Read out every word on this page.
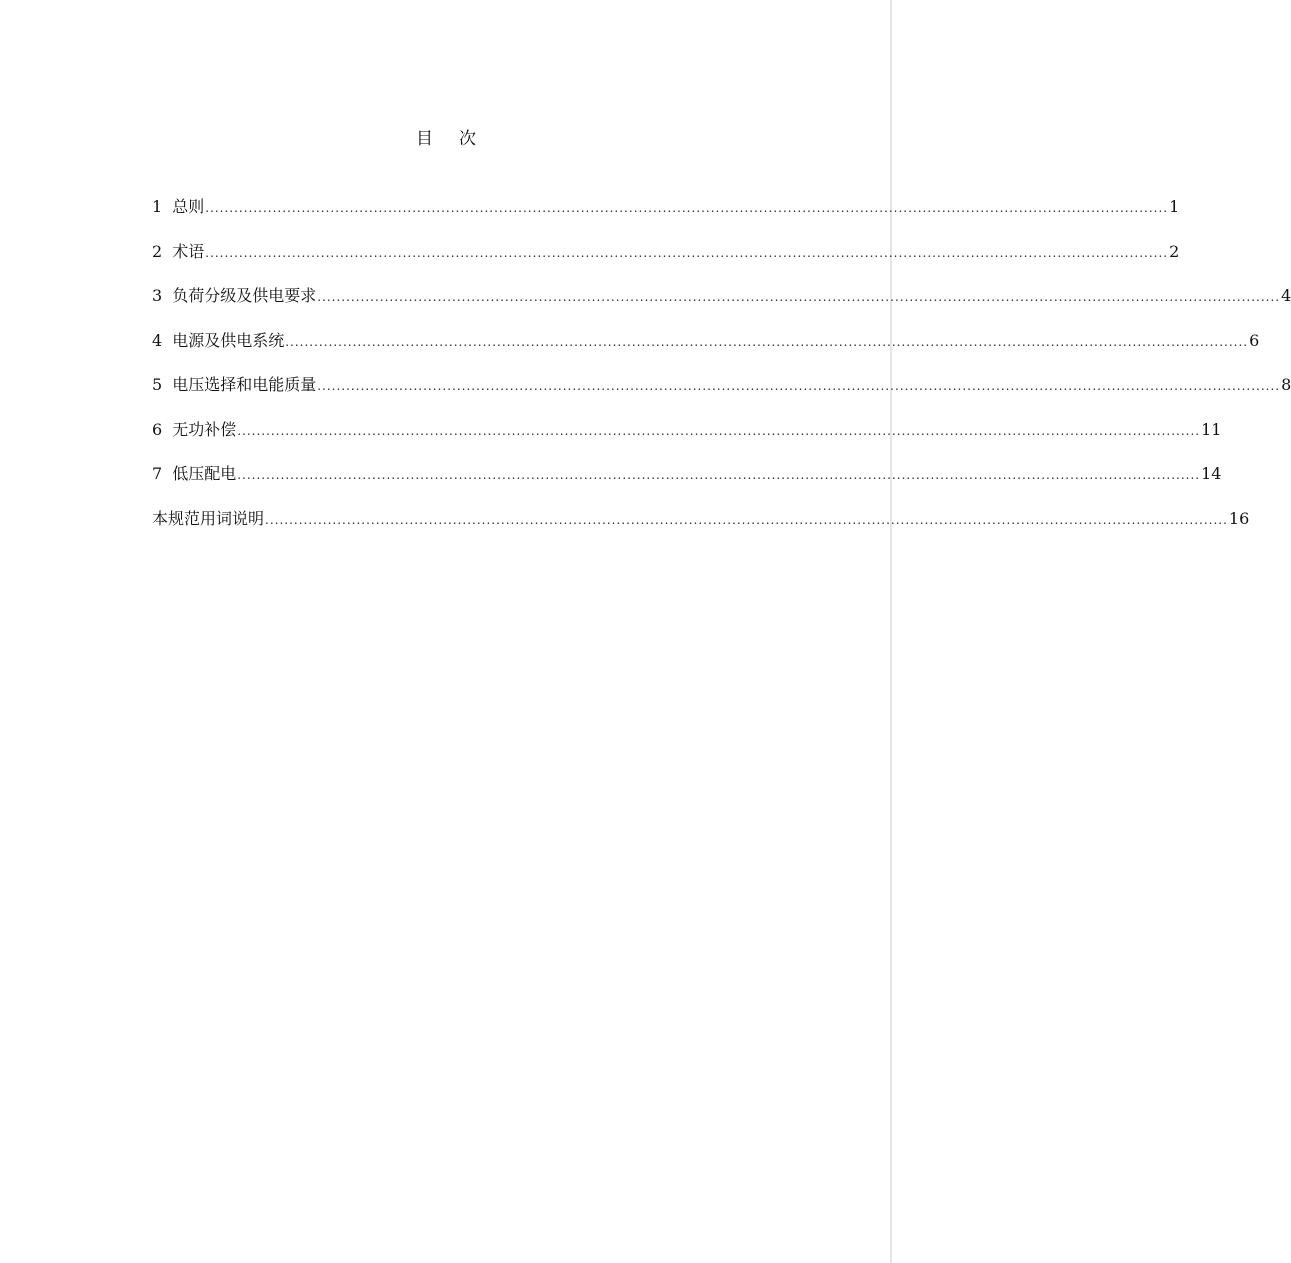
目 次
1 总则 ........................................................................................................................................................................................................ 1
2 术语 ........................................................................................................................................................................................................ 2
3 负荷分级及供电要求 ........................................................................................................................................................................................................ 4
4 电源及供电系统 ........................................................................................................................................................................................................ 6
5 电压选择和电能质量 ........................................................................................................................................................................................................ 8
6 无功补偿 ........................................................................................................................................................................................................ 11
7 低压配电 ........................................................................................................................................................................................................ 14
本规范用词说明 ........................................................................................................................................................................................................ 16
